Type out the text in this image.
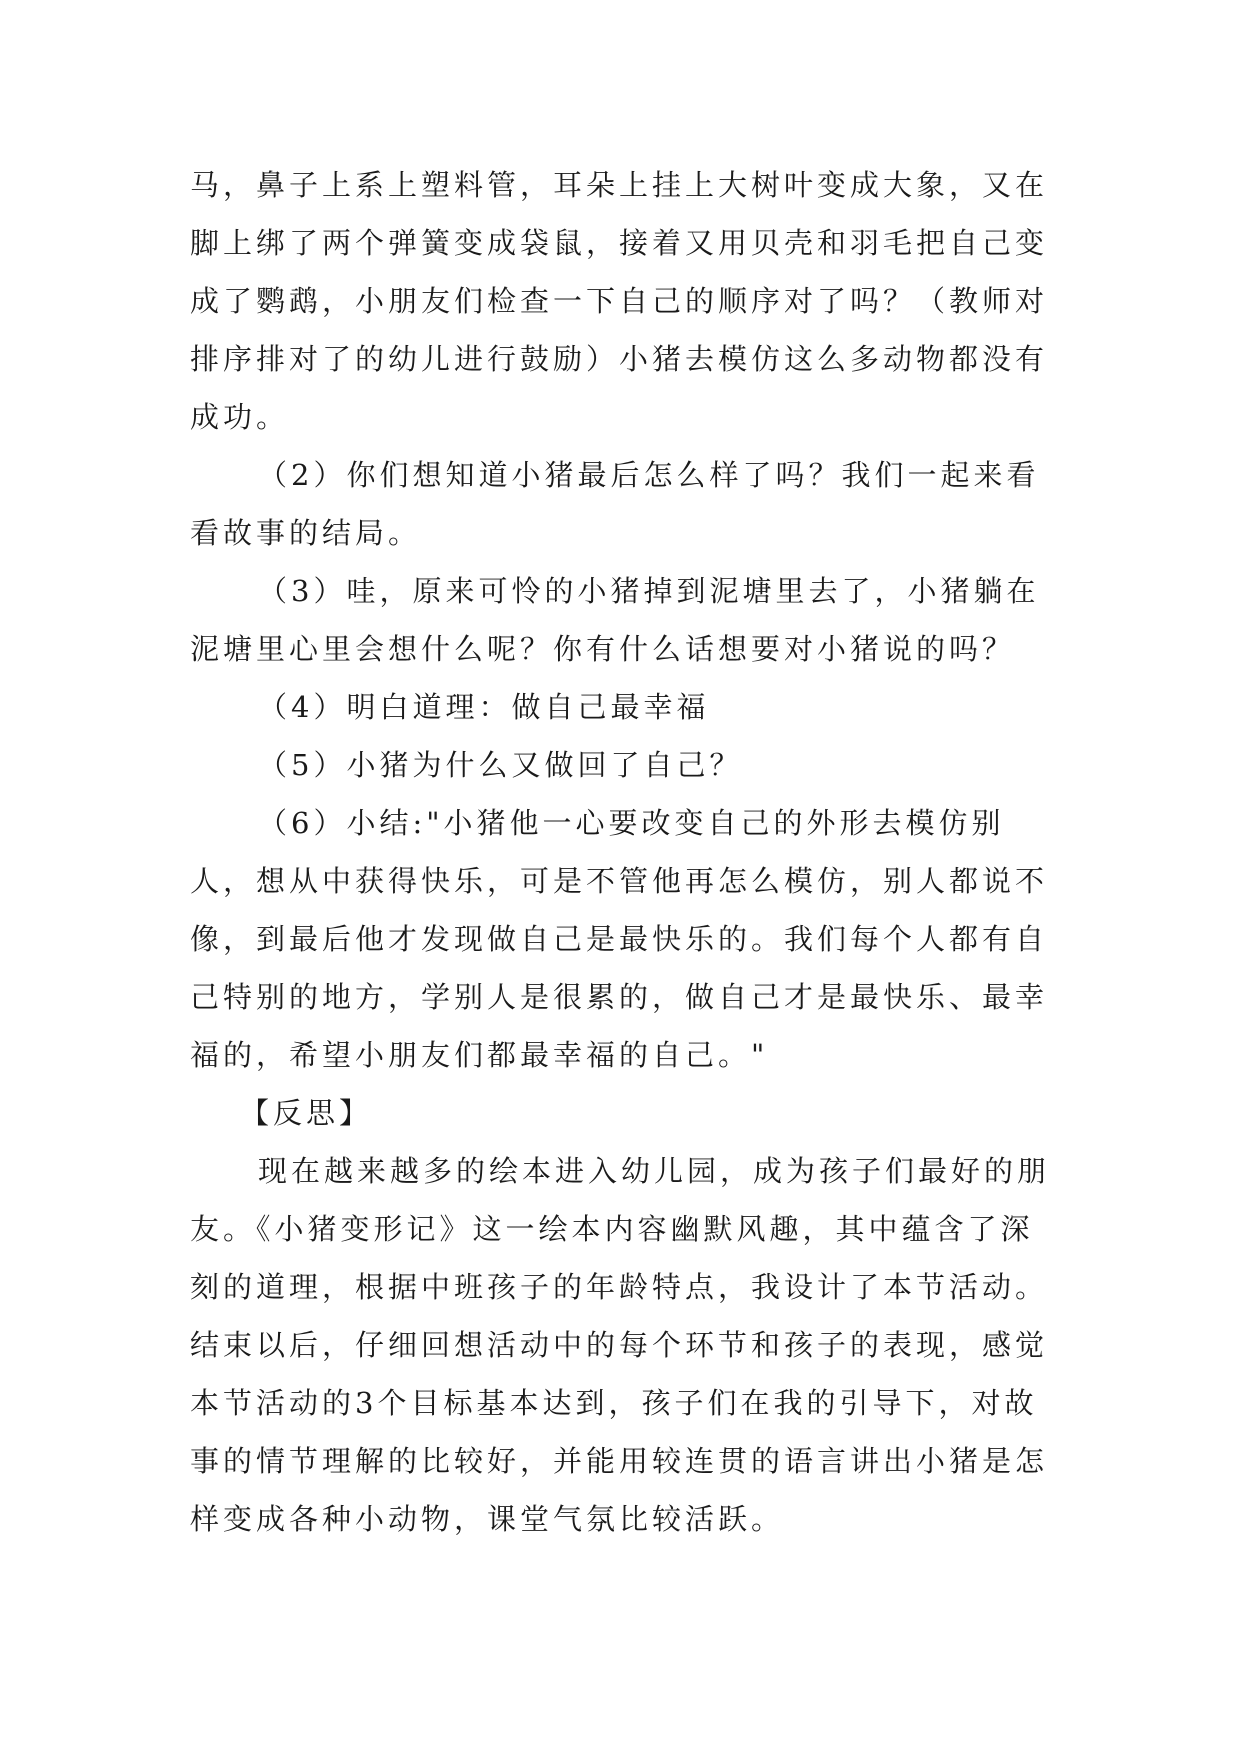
马，鼻子上系上塑料管，耳朵上挂上大树叶变成大象，又在脚上绑了两个弹簧变成袋鼠，接着又用贝壳和羽毛把自己变成了鹦鹉，小朋友们检查一下自己的顺序对了吗？（教师对排序排对了的幼儿进行鼓励）小猪去模仿这么多动物都没有成功。

（2）你们想知道小猪最后怎么样了吗？我们一起来看看故事的结局。

（3）哇，原来可怜的小猪掉到泥塘里去了，小猪躺在泥塘里心里会想什么呢？你有什么话想要对小猪说的吗？

（4）明白道理：做自己最幸福

（5）小猪为什么又做回了自己？

（6）小结:"小猪他一心要改变自己的外形去模仿别人，想从中获得快乐，可是不管他再怎么模仿，别人都说不像，到最后他才发现做自己是最快乐的。我们每个人都有自己特别的地方，学别人是很累的，做自己才是最快乐、最幸福的，希望小朋友们都最幸福的自己。"

【反思】

现在越来越多的绘本进入幼儿园，成为孩子们最好的朋友。《小猪变形记》这一绘本内容幽默风趣，其中蕴含了深刻的道理，根据中班孩子的年龄特点，我设计了本节活动。结束以后，仔细回想活动中的每个环节和孩子的表现，感觉本节活动的3个目标基本达到，孩子们在我的引导下，对故事的情节理解的比较好，并能用较连贯的语言讲出小猪是怎样变成各种小动物，课堂气氛比较活跃。
